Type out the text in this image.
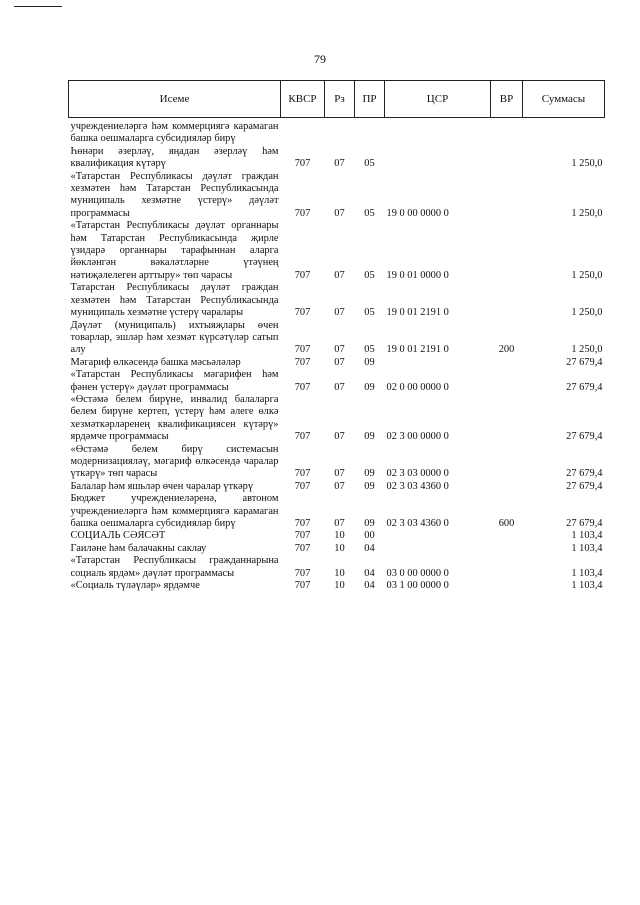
79
Исеме	КВСР	Рз	ПР	ЦСР	ВР	Суммасы
учреждениеләргә һәм коммерциягә карамаган башка оешмаларга субсидияләр бирү						
Һөнәри әзерләү, яңадан әзерләү һәм квалификация күтәрү	707	07	05			1 250,0
«Татарстан Республикасы дәүләт граждан хезмәтен һәм Татарстан Республикасында муниципаль хезмәтне үстерү» дәүләт программасы	707	07	05	19 0 00 0000 0		1 250,0
«Татарстан Республикасы дәүләт органнары һәм Татарстан Республикасында җирле үзидарә органнары тарафыннан аларга йөкләнгән вәкаләтләрне үтәүнең нәтиҗәлелеген арттыру» төп чарасы	707	07	05	19 0 01 0000 0		1 250,0
Татарстан Республикасы дәүләт граждан хезмәтен һәм Татарстан Республикасында муниципаль хезмәтне үстерү чаралары	707	07	05	19 0 01 2191 0		1 250,0
Дәүләт (муниципаль) ихтыяҗлары өчен товарлар, эшләр һәм хезмәт күрсәтүләр сатып алу	707	07	05	19 0 01 2191 0	200	1 250,0
Мәгариф өлкәсендә башка мәсьәләләр	707	07	09			27 679,4
«Татарстан Республикасы мәгарифен һәм фәнен үстерү» дәүләт программасы	707	07	09	02 0 00 0000 0		27 679,4
«Өстәмә белем бирүне, инвалид балаларга белем бирүне кертеп, үстерү һәм әлеге өлкә хезмәткәрләренең квалификациясен күтәрү» ярдәмче программасы	707	07	09	02 3 00 0000 0		27 679,4
«Өстәмә белем бирү системасын модернизацияләү, мәгариф өлкәсендә чаралар үткәрү» төп чарасы	707	07	09	02 3 03 0000 0		27 679,4
Балалар һәм яшьләр өчен чаралар үткәрү	707	07	09	02 3 03 4360 0		27 679,4
Бюджет учреждениеләренә, автоном учреждениеләргә һәм коммерциягә карамаган башка оешмаларга субсидияләр бирү	707	07	09	02 3 03 4360 0	600	27 679,4
СОЦИАЛЬ СӘЯСӘТ	707	10	00			1 103,4
Гаиләне һәм балачакны саклау	707	10	04			1 103,4
«Татарстан Республикасы гражданнарына социаль ярдәм» дәүләт программасы	707	10	04	03 0 00 0000 0		1 103,4
«Социаль түләүләр» ярдәмче	707	10	04	03 1 00 0000 0		1 103,4
